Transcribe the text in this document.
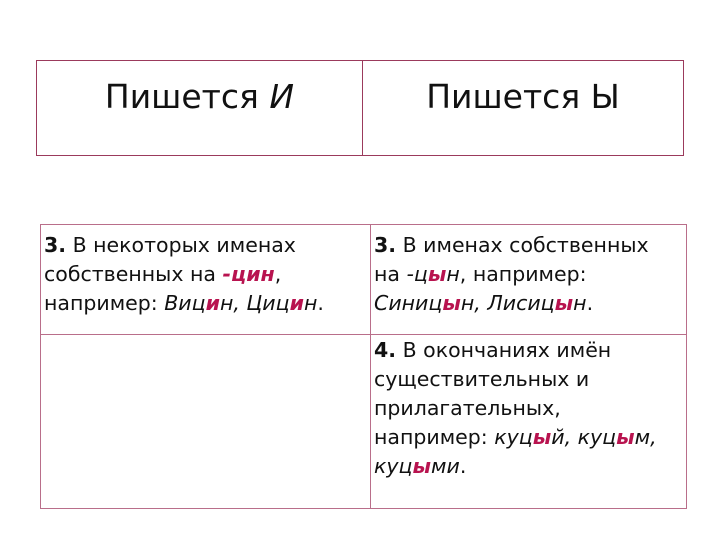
Пишется И	Пишется Ы
3. В некоторых именах
собственных на -цин,
например: Вицин, Цицин.	3. В именах собственных
на -цын, например:
Синицын, Лисицын.
	4. В окончаниях имён
существительных и
прилагательных,
например: куцый, куцым,
куцыми.
